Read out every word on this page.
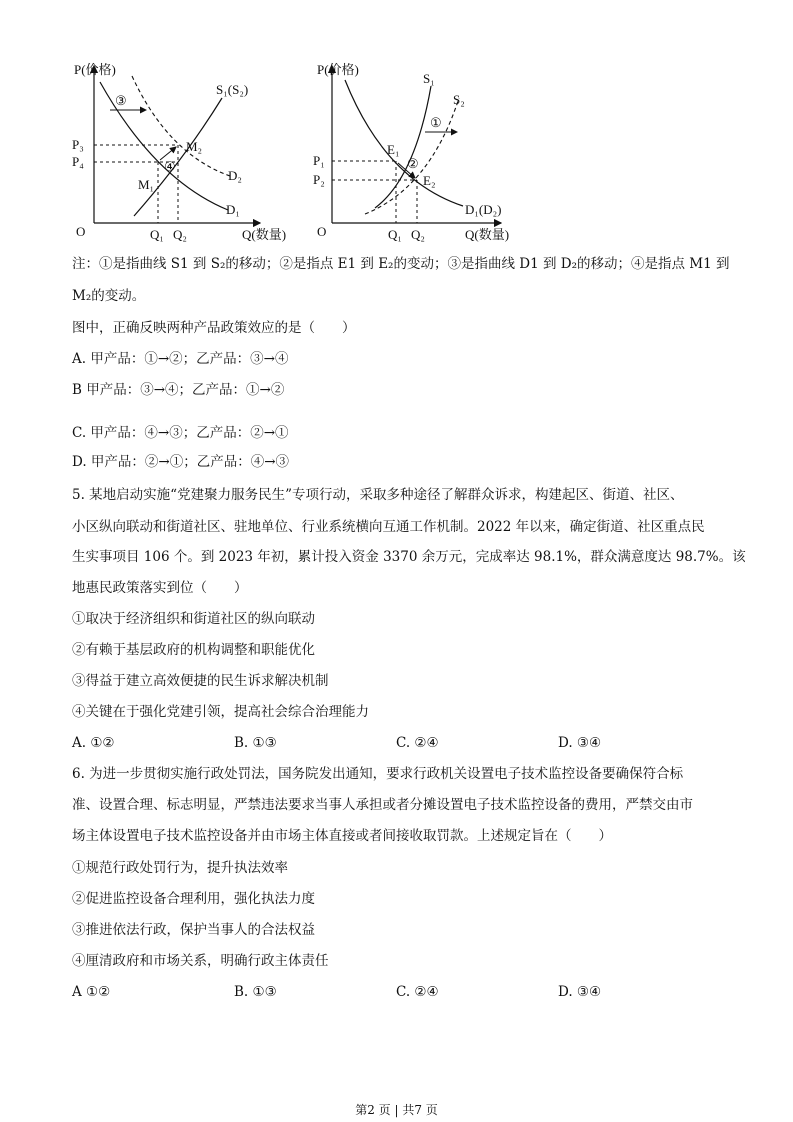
P(价格)
Q(数量)
O
③
④
P₃
P₄
Q₁ Q₂
M₁
M₂
S₁(S₂)
D₂
D₁
P(价格)
Q(数量)
O
①
②
P₁
P₂
Q₁ Q₂
E₁
E₂
S₁
S₂
D₁(D₂)
注：①是指曲线 S1 到 S₂的移动；②是指点 E1 到 E₂的变动；③是指曲线 D1 到 D₂的移动；④是指点 M1 到
M₂的变动。
图中，正确反映两种产品政策效应的是（　　）
A. 甲产品：①→②；乙产品：③→④
B 甲产品：③→④；乙产品：①→②
C. 甲产品：④→③；乙产品：②→①
D. 甲产品：②→①；乙产品：④→③
5. 某地启动实施“党建聚力服务民生”专项行动，采取多种途径了解群众诉求，构建起区、街道、社区、
小区纵向联动和街道社区、驻地单位、行业系统横向互通工作机制。2022 年以来，确定街道、社区重点民
生实事项目 106 个。到 2023 年初，累计投入资金 3370 余万元，完成率达 98.1%，群众满意度达 98.7%。该
地惠民政策落实到位（　　）
①取决于经济组织和街道社区的纵向联动
②有赖于基层政府的机构调整和职能优化
③得益于建立高效便捷的民生诉求解决机制
④关键在于强化党建引领，提高社会综合治理能力
A. ①②	B. ①③	C. ②④	D. ③④
6. 为进一步贯彻实施行政处罚法，国务院发出通知，要求行政机关设置电子技术监控设备要确保符合标
准、设置合理、标志明显，严禁违法要求当事人承担或者分摊设置电子技术监控设备的费用，严禁交由市
场主体设置电子技术监控设备并由市场主体直接或者间接收取罚款。上述规定旨在（　　）
①规范行政处罚行为，提升执法效率
②促进监控设备合理利用，强化执法力度
③推进依法行政，保护当事人的合法权益
④厘清政府和市场关系，明确行政主体责任
A ①②	B. ①③	C. ②④	D. ③④
第2 页 | 共7 页
